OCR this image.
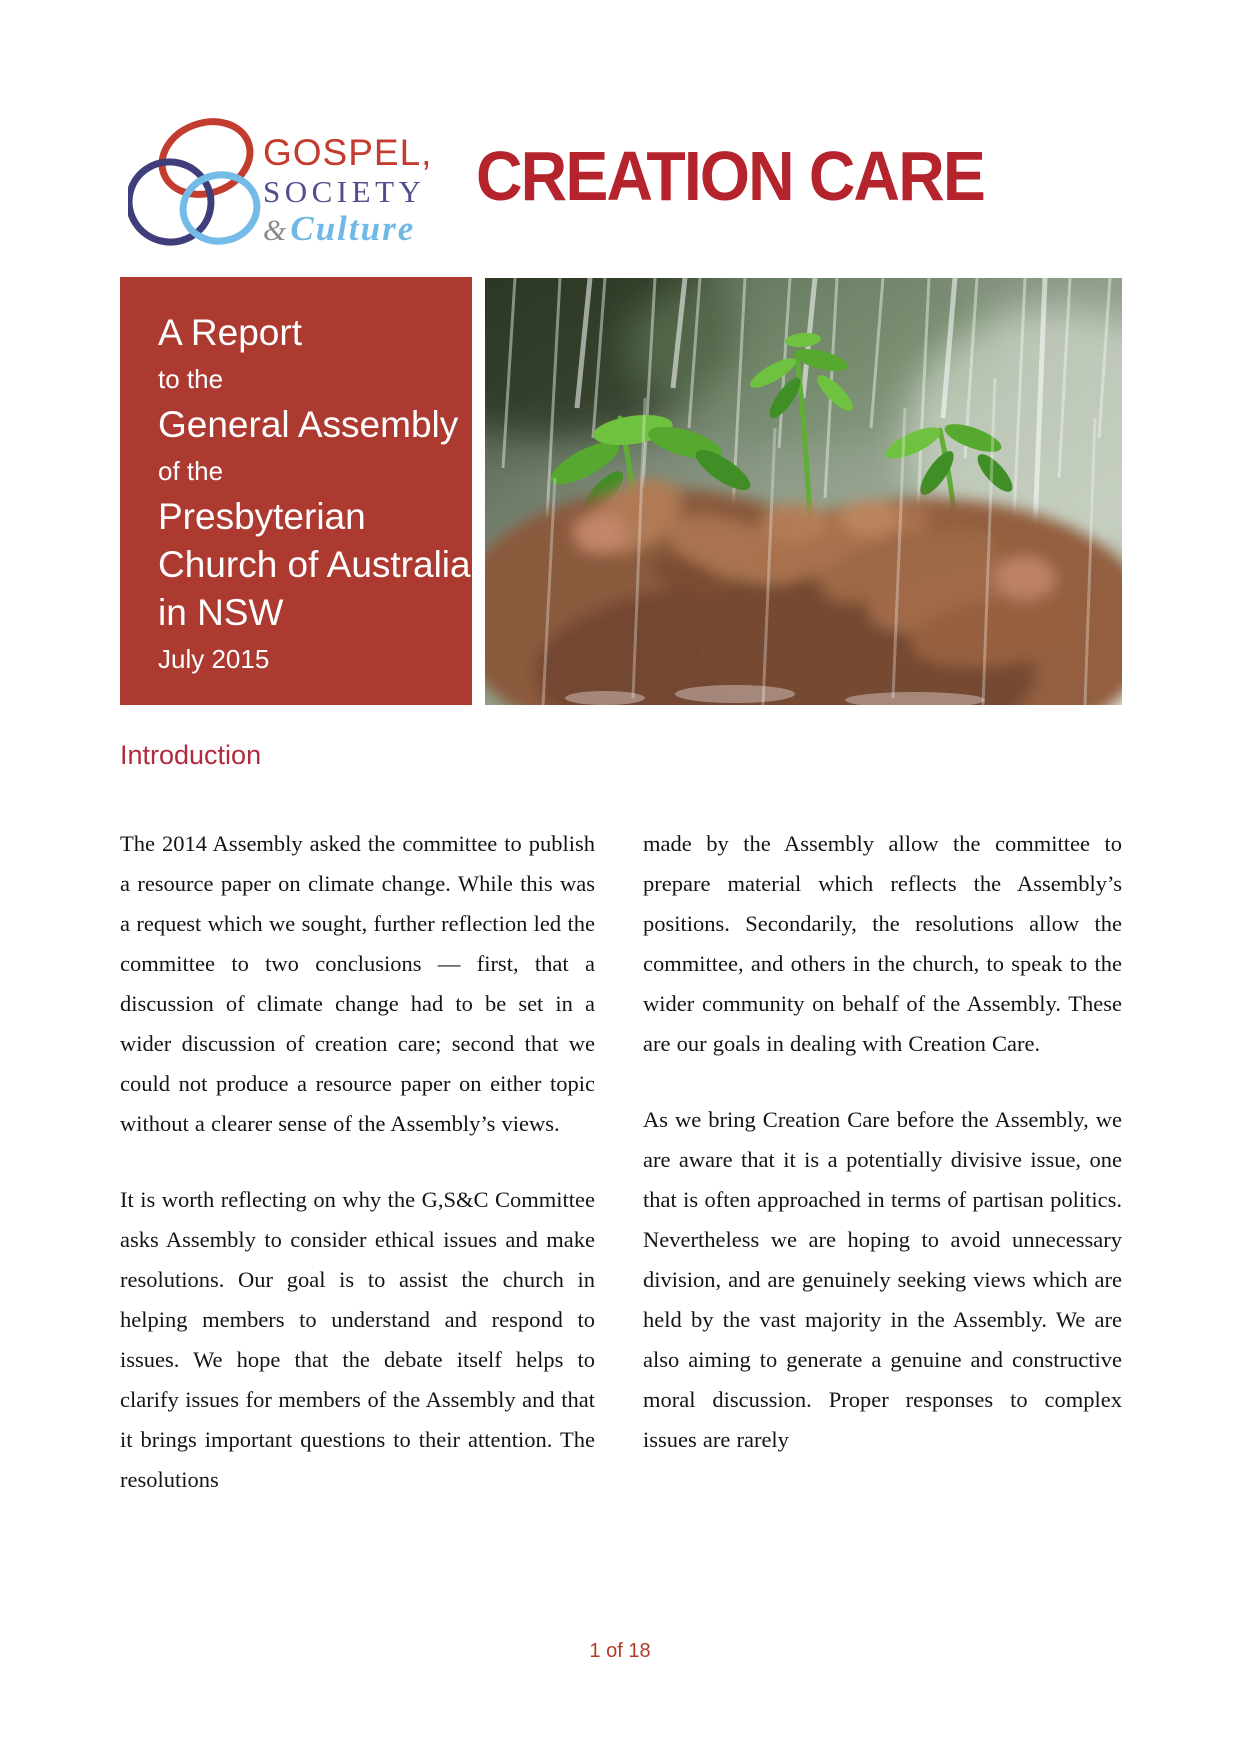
GOSPEL,
SOCIETY
& Culture
CREATION CARE
A Report
to the
General Assembly
of the
Presbyterian
Church of Australia
in NSW
July 2015
Introduction

The 2014 Assembly asked the committee to publish a resource paper on climate change. While this was a request which we sought, further reflection led the committee to two conclusions — first, that a discussion of climate change had to be set in a wider discussion of creation care; second that we could not produce a resource paper on either topic without a clearer sense of the Assembly’s views.

It is worth reflecting on why the G,S&C Committee asks Assembly to consider ethical issues and make resolutions. Our goal is to assist the church in helping members to understand and respond to issues. We hope that the debate itself helps to clarify issues for members of the Assembly and that it brings important questions to their attention. The resolutions

made by the Assembly allow the committee to prepare material which reflects the Assembly’s positions. Secondarily, the resolutions allow the committee, and others in the church, to speak to the wider community on behalf of the Assembly. These are our goals in dealing with Creation Care.

As we bring Creation Care before the Assembly, we are aware that it is a potentially divisive issue, one that is often approached in terms of partisan politics. Nevertheless we are hoping to avoid unnecessary division, and are genuinely seeking views which are held by the vast majority in the Assembly. We are also aiming to generate a genuine and constructive moral discussion. Proper responses to complex issues are rarely

1 of 18
